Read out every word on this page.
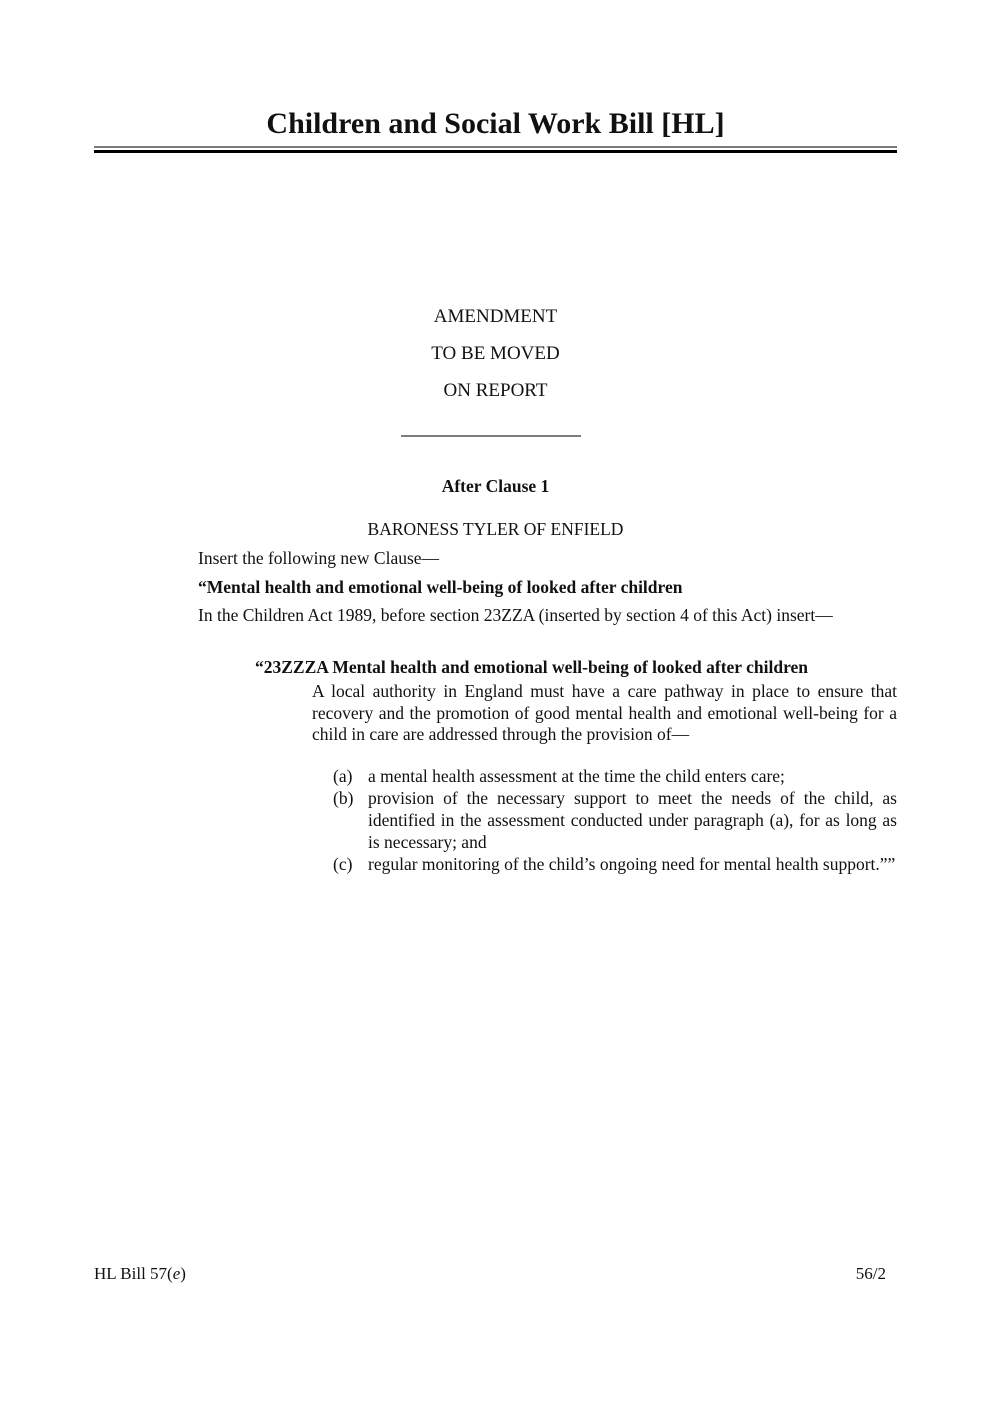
Children and Social Work Bill [HL]
AMENDMENT
TO BE MOVED
ON REPORT
After Clause 1
BARONESS TYLER OF ENFIELD
Insert the following new Clause—
“Mental health and emotional well-being of looked after children
In the Children Act 1989, before section 23ZZA (inserted by section 4 of this Act) insert—
“23ZZZA Mental health and emotional well-being of looked after children
A local authority in England must have a care pathway in place to ensure that recovery and the promotion of good mental health and emotional well-being for a child in care are addressed through the provision of—
(a) a mental health assessment at the time the child enters care;
(b) provision of the necessary support to meet the needs of the child, as identified in the assessment conducted under paragraph (a), for as long as is necessary; and
(c) regular monitoring of the child’s ongoing need for mental health support.””
HL Bill 57(e)	56/2
